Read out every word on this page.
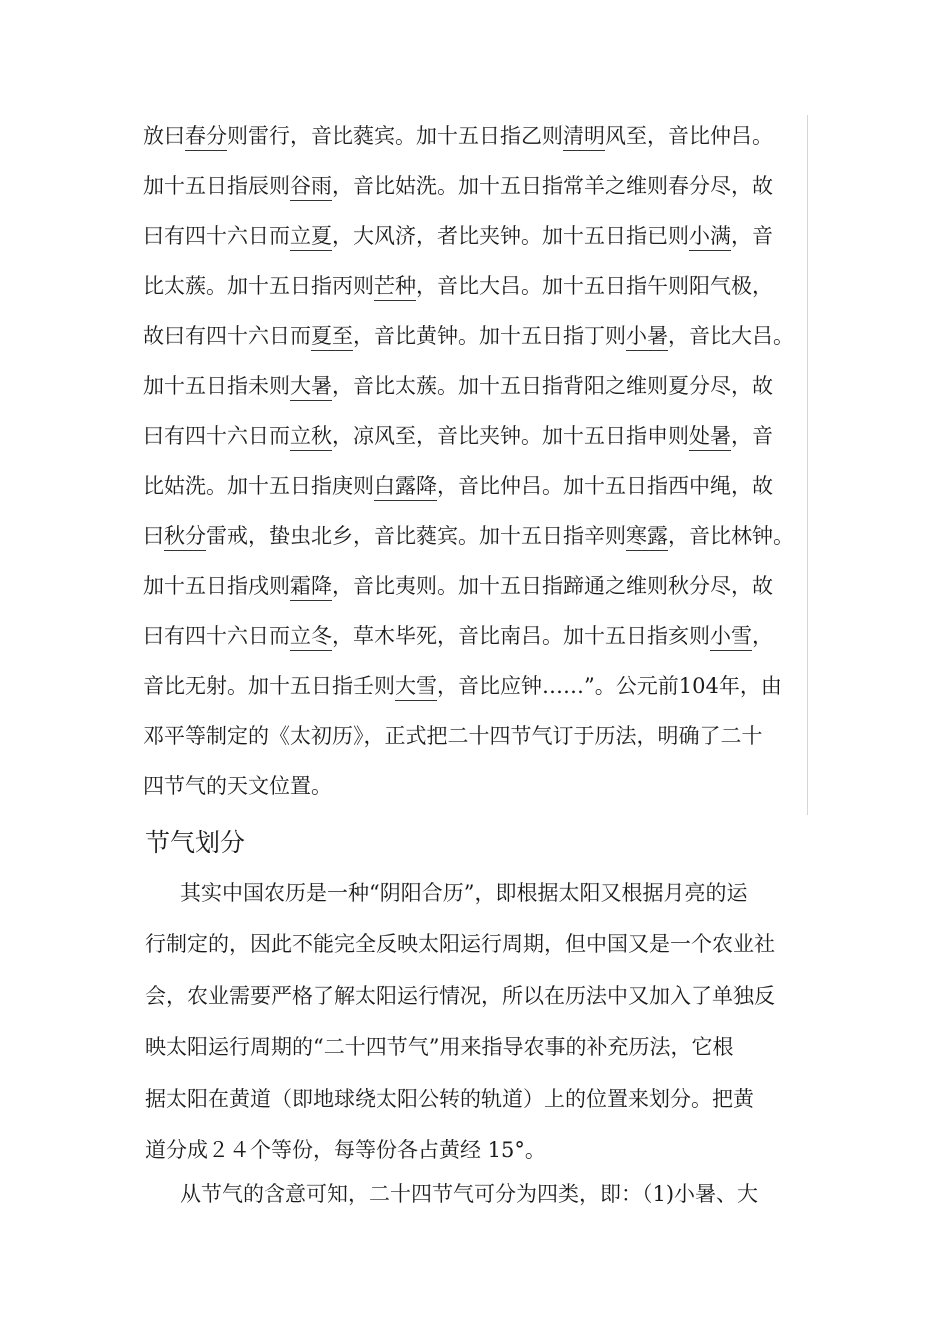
放曰春分则雷行，音比蕤宾。加十五日指乙则清明风至，音比仲吕。
加十五日指辰则谷雨，音比姑洗。加十五日指常羊之维则春分尽，故
曰有四十六日而立夏，大风济，者比夹钟。加十五日指已则小满，音
比太蔟。加十五日指丙则芒种，音比大吕。加十五日指午则阳气极，
故曰有四十六日而夏至，音比黄钟。加十五日指丁则小暑，音比大吕。
加十五日指未则大暑，音比太蔟。加十五日指背阳之维则夏分尽，故
曰有四十六日而立秋，凉风至，音比夹钟。加十五日指申则处暑，音
比姑洗。加十五日指庚则白露降，音比仲吕。加十五日指西中绳，故
曰秋分雷戒，蛰虫北乡，音比蕤宾。加十五日指辛则寒露，音比林钟。
加十五日指戌则霜降，音比夷则。加十五日指蹄通之维则秋分尽，故
曰有四十六日而立冬，草木毕死，音比南吕。加十五日指亥则小雪，
音比无射。加十五日指壬则大雪，音比应钟……”。公元前104年，由
邓平等制定的《太初历》，正式把二十四节气订于历法，明确了二十
四节气的天文位置。
节气划分
其实中国农历是一种“阴阳合历”，即根据太阳又根据月亮的运
行制定的，因此不能完全反映太阳运行周期，但中国又是一个农业社
会，农业需要严格了解太阳运行情况，所以在历法中又加入了单独反
映太阳运行周期的“二十四节气”用来指导农事的补充历法，它根
据太阳在黄道（即地球绕太阳公转的轨道）上的位置来划分。把黄
道分成２４个等份，每等份各占黄经 15°。
从节气的含意可知，二十四节气可分为四类，即：（1)小暑、大
